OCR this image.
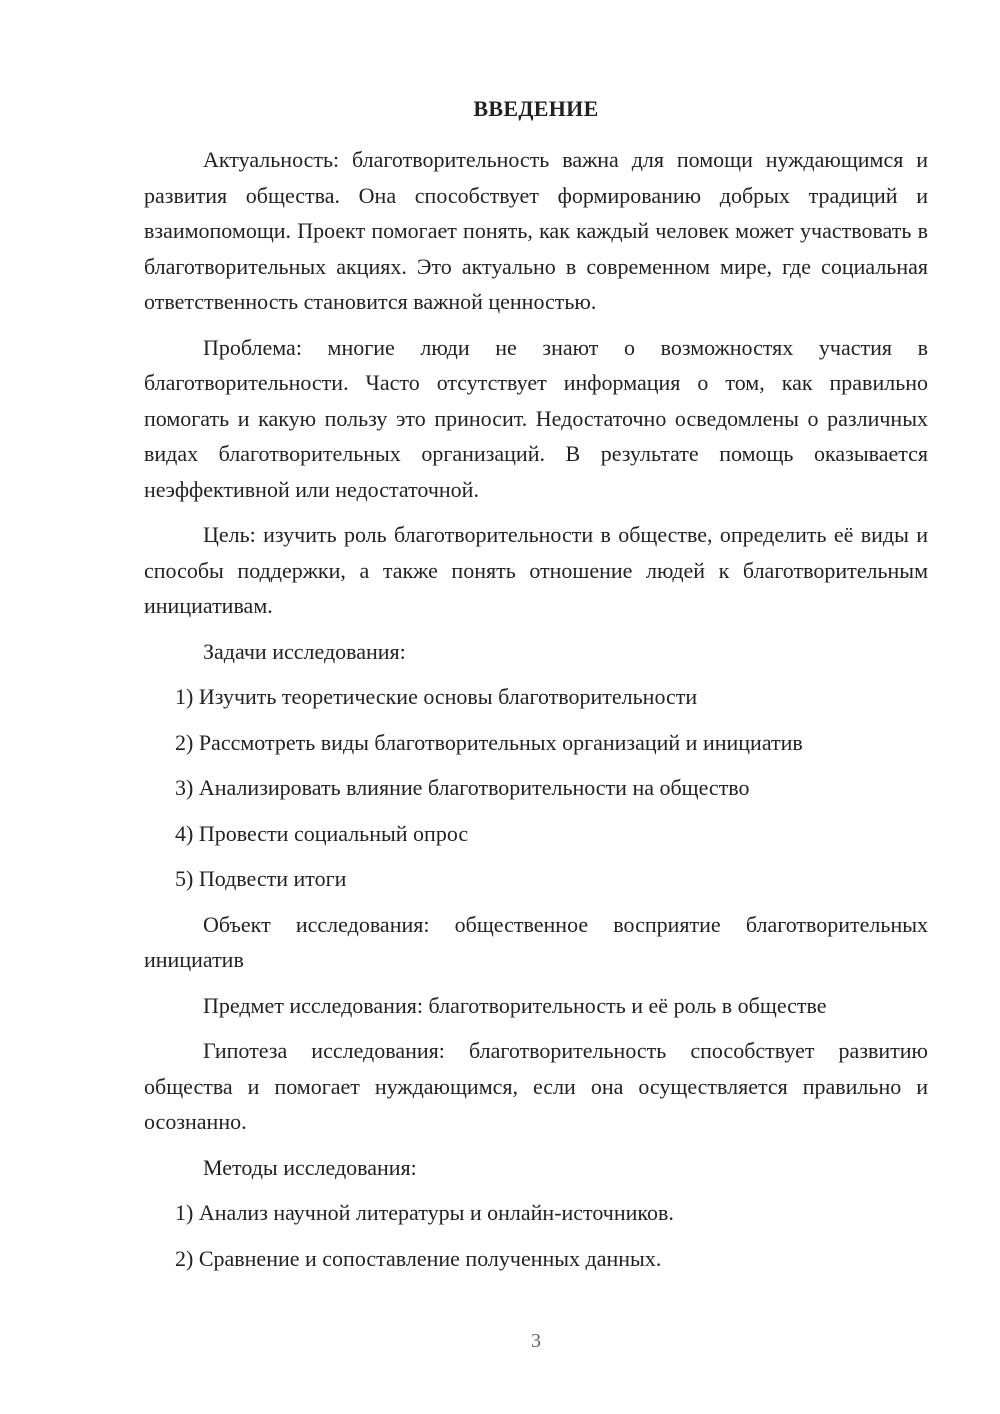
ВВЕДЕНИЕ

Актуальность: благотворительность важна для помощи нуждающимся и развития общества. Она способствует формированию добрых традиций и взаимопомощи. Проект помогает понять, как каждый человек может участвовать в благотворительных акциях. Это актуально в современном мире, где социальная ответственность становится важной ценностью.

Проблема: многие люди не знают о возможностях участия в благотворительности. Часто отсутствует информация о том, как правильно помогать и какую пользу это приносит. Недостаточно осведомлены о различных видах благотворительных организаций. В результате помощь оказывается неэффективной или недостаточной.

Цель: изучить роль благотворительности в обществе, определить её виды и способы поддержки, а также понять отношение людей к благотворительным инициативам.

Задачи исследования:

1) Изучить теоретические основы благотворительности
2) Рассмотреть виды благотворительных организаций и инициатив
3) Анализировать влияние благотворительности на общество
4) Провести социальный опрос
5) Подвести итоги

Объект исследования: общественное восприятие благотворительных инициатив

Предмет исследования: благотворительность и её роль в обществе

Гипотеза исследования: благотворительность способствует развитию общества и помогает нуждающимся, если она осуществляется правильно и осознанно.

Методы исследования:

1) Анализ научной литературы и онлайн-источников.
2) Сравнение и сопоставление полученных данных.
3
